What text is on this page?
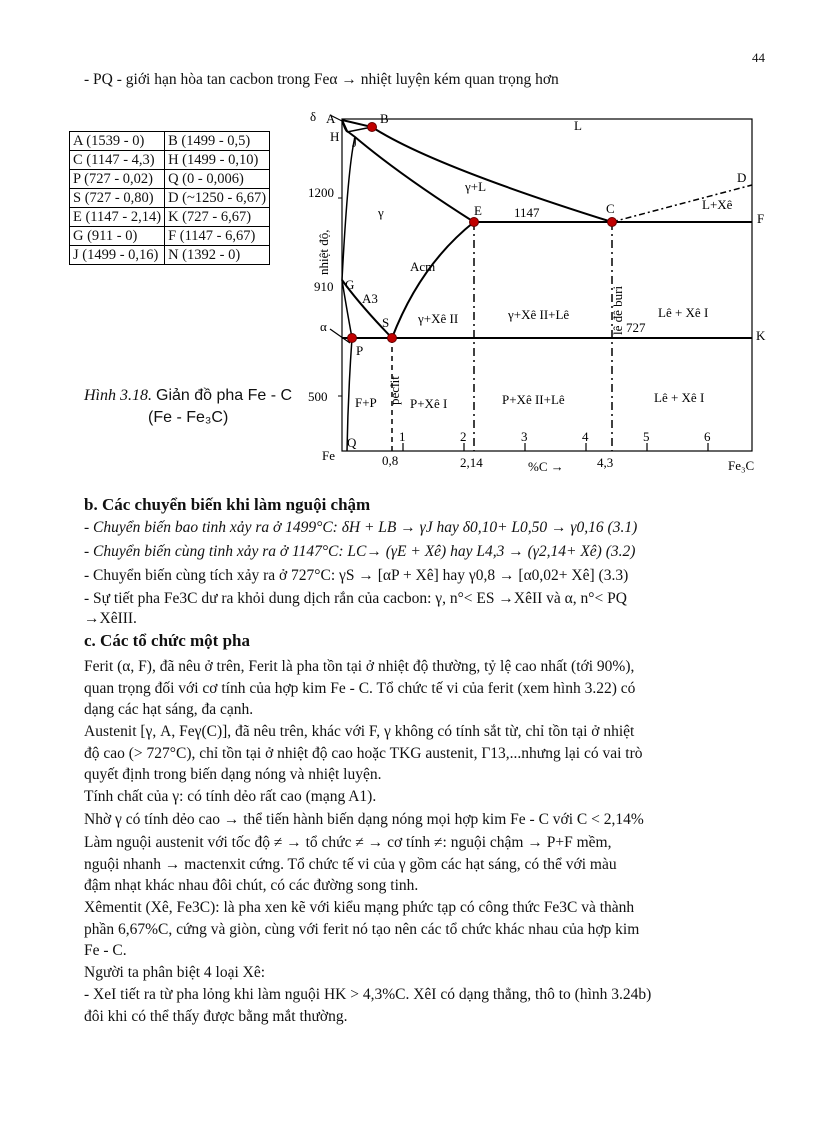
44
- PQ - giới hạn hòa tan cacbon trong Feα → nhiệt luyện kém quan trọng hơn
A (1539 - 0)	B (1499 - 0,5)
C (1147 - 4,3)	H (1499 - 0,10)
P (727 - 0,02)	Q (0 - 0,006)
S (727 - 0,80)	D (~1250 - 6,67)
E (1147 - 2,14)	K (727 - 6,67)
G (911 - 0)	F (1147 - 6,67)
J (1499 - 0,16)	N (1392 - 0)
Hình 3.18. Giản đồ pha Fe - C
(Fe - Fe₃C)
δ A	B
H J
G
S
P
Q
E	C
D
F
K
1200
910
500
α
nhiệt độ,
1	2	3	4	5	6
Fe	0,8	2,14	%C →	4,3	Fe₃C
1147
727
L
γ+L
γ
L+Xê
Acm
A3
γ+Xê II	γ+Xê II+Lê	Lê + Xê I
F+P	P+Xê I	P+Xê II+Lê	Lê + Xê I
peclit
lê đê buri
b. Các chuyển biến khi làm nguội chậm
- Chuyển biến bao tinh xảy ra ở 1499°C: δH + LB → γJ hay δ0,10+ L0,50 → γ0,16 (3.1)
- Chuyển biến cùng tinh xảy ra ở 1147°C: LC→ (γE + Xê) hay L4,3 → (γ2,14+ Xê) (3.2)
- Chuyển biến cùng tích xảy ra ở 727°C: γS → [αP + Xê] hay γ0,8 → [α0,02+ Xê] (3.3)
- Sự tiết pha Fe3C dư ra khỏi dung dịch rắn của cacbon: γ, n°< ES →XêII và α, n°< PQ
→XêIII.
c. Các tổ chức một pha
Ferit (α, F), đã nêu ở trên, Ferit là pha tồn tại ở nhiệt độ thường, tỷ lệ cao nhất (tới 90%),
quan trọng đối với cơ tính của hợp kim Fe - C. Tổ chức tế vi của ferit (xem hình 3.22) có
dạng các hạt sáng, đa cạnh.
Austenit [γ, A, Feγ(C)], đã nêu trên, khác với F, γ không có tính sắt từ, chỉ tồn tại ở nhiệt
độ cao (> 727°C), chỉ tồn tại ở nhiệt độ cao hoặc TKG austenit, Γ13,...nhưng lại có vai trò
quyết định trong biến dạng nóng và nhiệt luyện.
Tính chất của γ: có tính dẻo rất cao (mạng A1).
Nhờ γ có tính dẻo cao → thể tiến hành biến dạng nóng mọi hợp kim Fe - C với C < 2,14%
Làm nguội austenit với tốc độ ≠ → tổ chức ≠ → cơ tính ≠: nguội chậm → P+F mềm,
nguội nhanh → mactenxit cứng. Tổ chức tế vi của γ gồm các hạt sáng, có thể với màu
đậm nhạt khác nhau đôi chút, có các đường song tinh.
Xêmentit (Xê, Fe3C): là pha xen kẽ với kiểu mạng phức tạp có công thức Fe3C và thành
phần 6,67%C, cứng và giòn, cùng với ferit nó tạo nên các tổ chức khác nhau của hợp kim
Fe - C.
Người ta phân biệt 4 loại Xê:
- XeI tiết ra từ pha lỏng khi làm nguội HK > 4,3%C. XêI có dạng thẳng, thô to (hình 3.24b)
đôi khi có thể thấy được bằng mắt thường.
